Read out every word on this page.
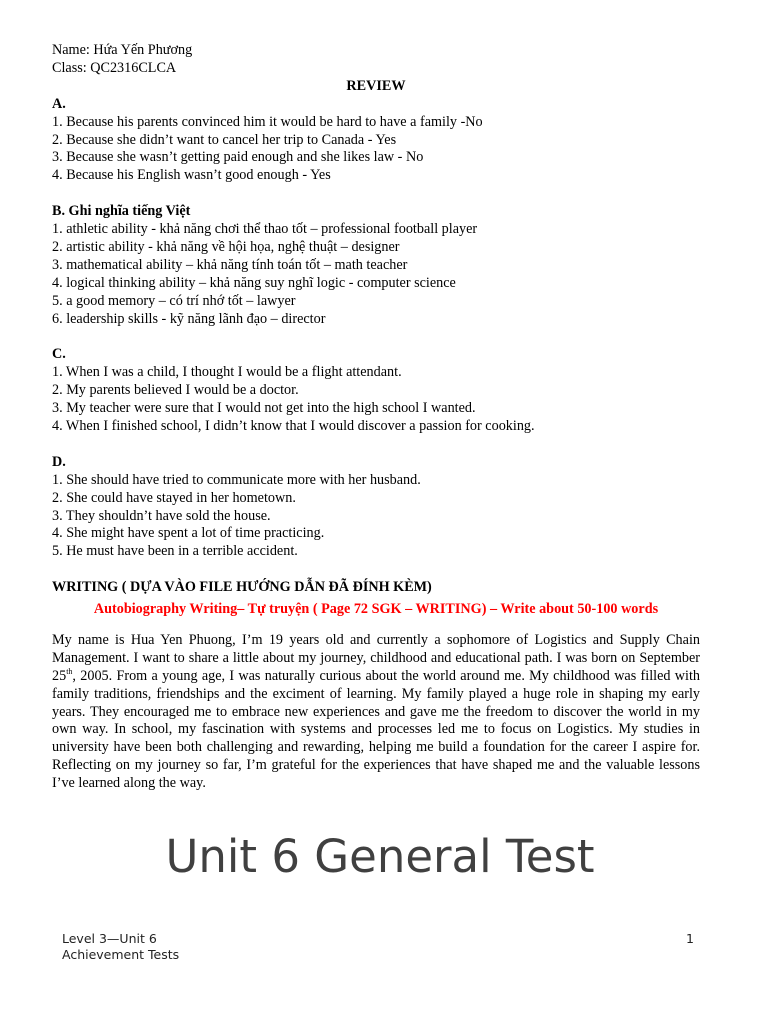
Name: Hứa Yến Phương
Class: QC2316CLCA
REVIEW
A.
1. Because his parents convinced him it would be hard to have a family -No
2. Because she didn’t want to cancel her trip to Canada - Yes
3. Because she wasn’t getting paid enough and she likes law - No
4. Because his English wasn’t good enough - Yes
B. Ghi nghĩa tiếng Việt
1. athletic ability - khả năng chơi thể thao tốt – professional football player
2. artistic ability - khả năng về hội họa, nghệ thuật – designer
3. mathematical ability – khả năng tính toán tốt – math teacher
4. logical thinking ability – khả năng suy nghĩ logic - computer science
5. a good memory – có trí nhớ tốt – lawyer
6. leadership skills - kỹ năng lãnh đạo – director
C.
1. When I was a child, I thought I would be a flight attendant.
2. My parents believed I would be a doctor.
3. My teacher were sure that I would not get into the high school I wanted.
4. When I finished school, I didn’t know that I would discover a passion for cooking.
D.
1. She should have tried to communicate more with her husband.
2. She could have stayed in her hometown.
3. They shouldn’t have sold the house.
4. She might have spent a lot of time practicing.
5. He must have been in a terrible accident.
WRITING ( DỰA VÀO FILE HƯỚNG DẪN ĐÃ ĐÍNH KÈM)
Autobiography Writing– Tự truyện ( Page 72 SGK – WRITING) – Write about 50-100 words
My name is Hua Yen Phuong, I’m 19 years old and currently a sophomore of Logistics and Supply Chain Management. I want to share a little about my journey, childhood and educational path. I was born on September 25th, 2005. From a young age, I was naturally curious about the world around me. My childhood was filled with family traditions, friendships and the exciment of learning. My family played a huge role in shaping my early years. They encouraged me to embrace new experiences and gave me the freedom to discover the world in my own way. In school, my fascination with systems and processes led me to focus on Logistics. My studies in university have been both challenging and rewarding, helping me build a foundation for the career I aspire for. Reflecting on my journey so far, I’m grateful for the experiences that have shaped me and the valuable lessons I’ve learned along the way.
Unit 6 General Test
Level 3—Unit 6 Achievement Tests
1
